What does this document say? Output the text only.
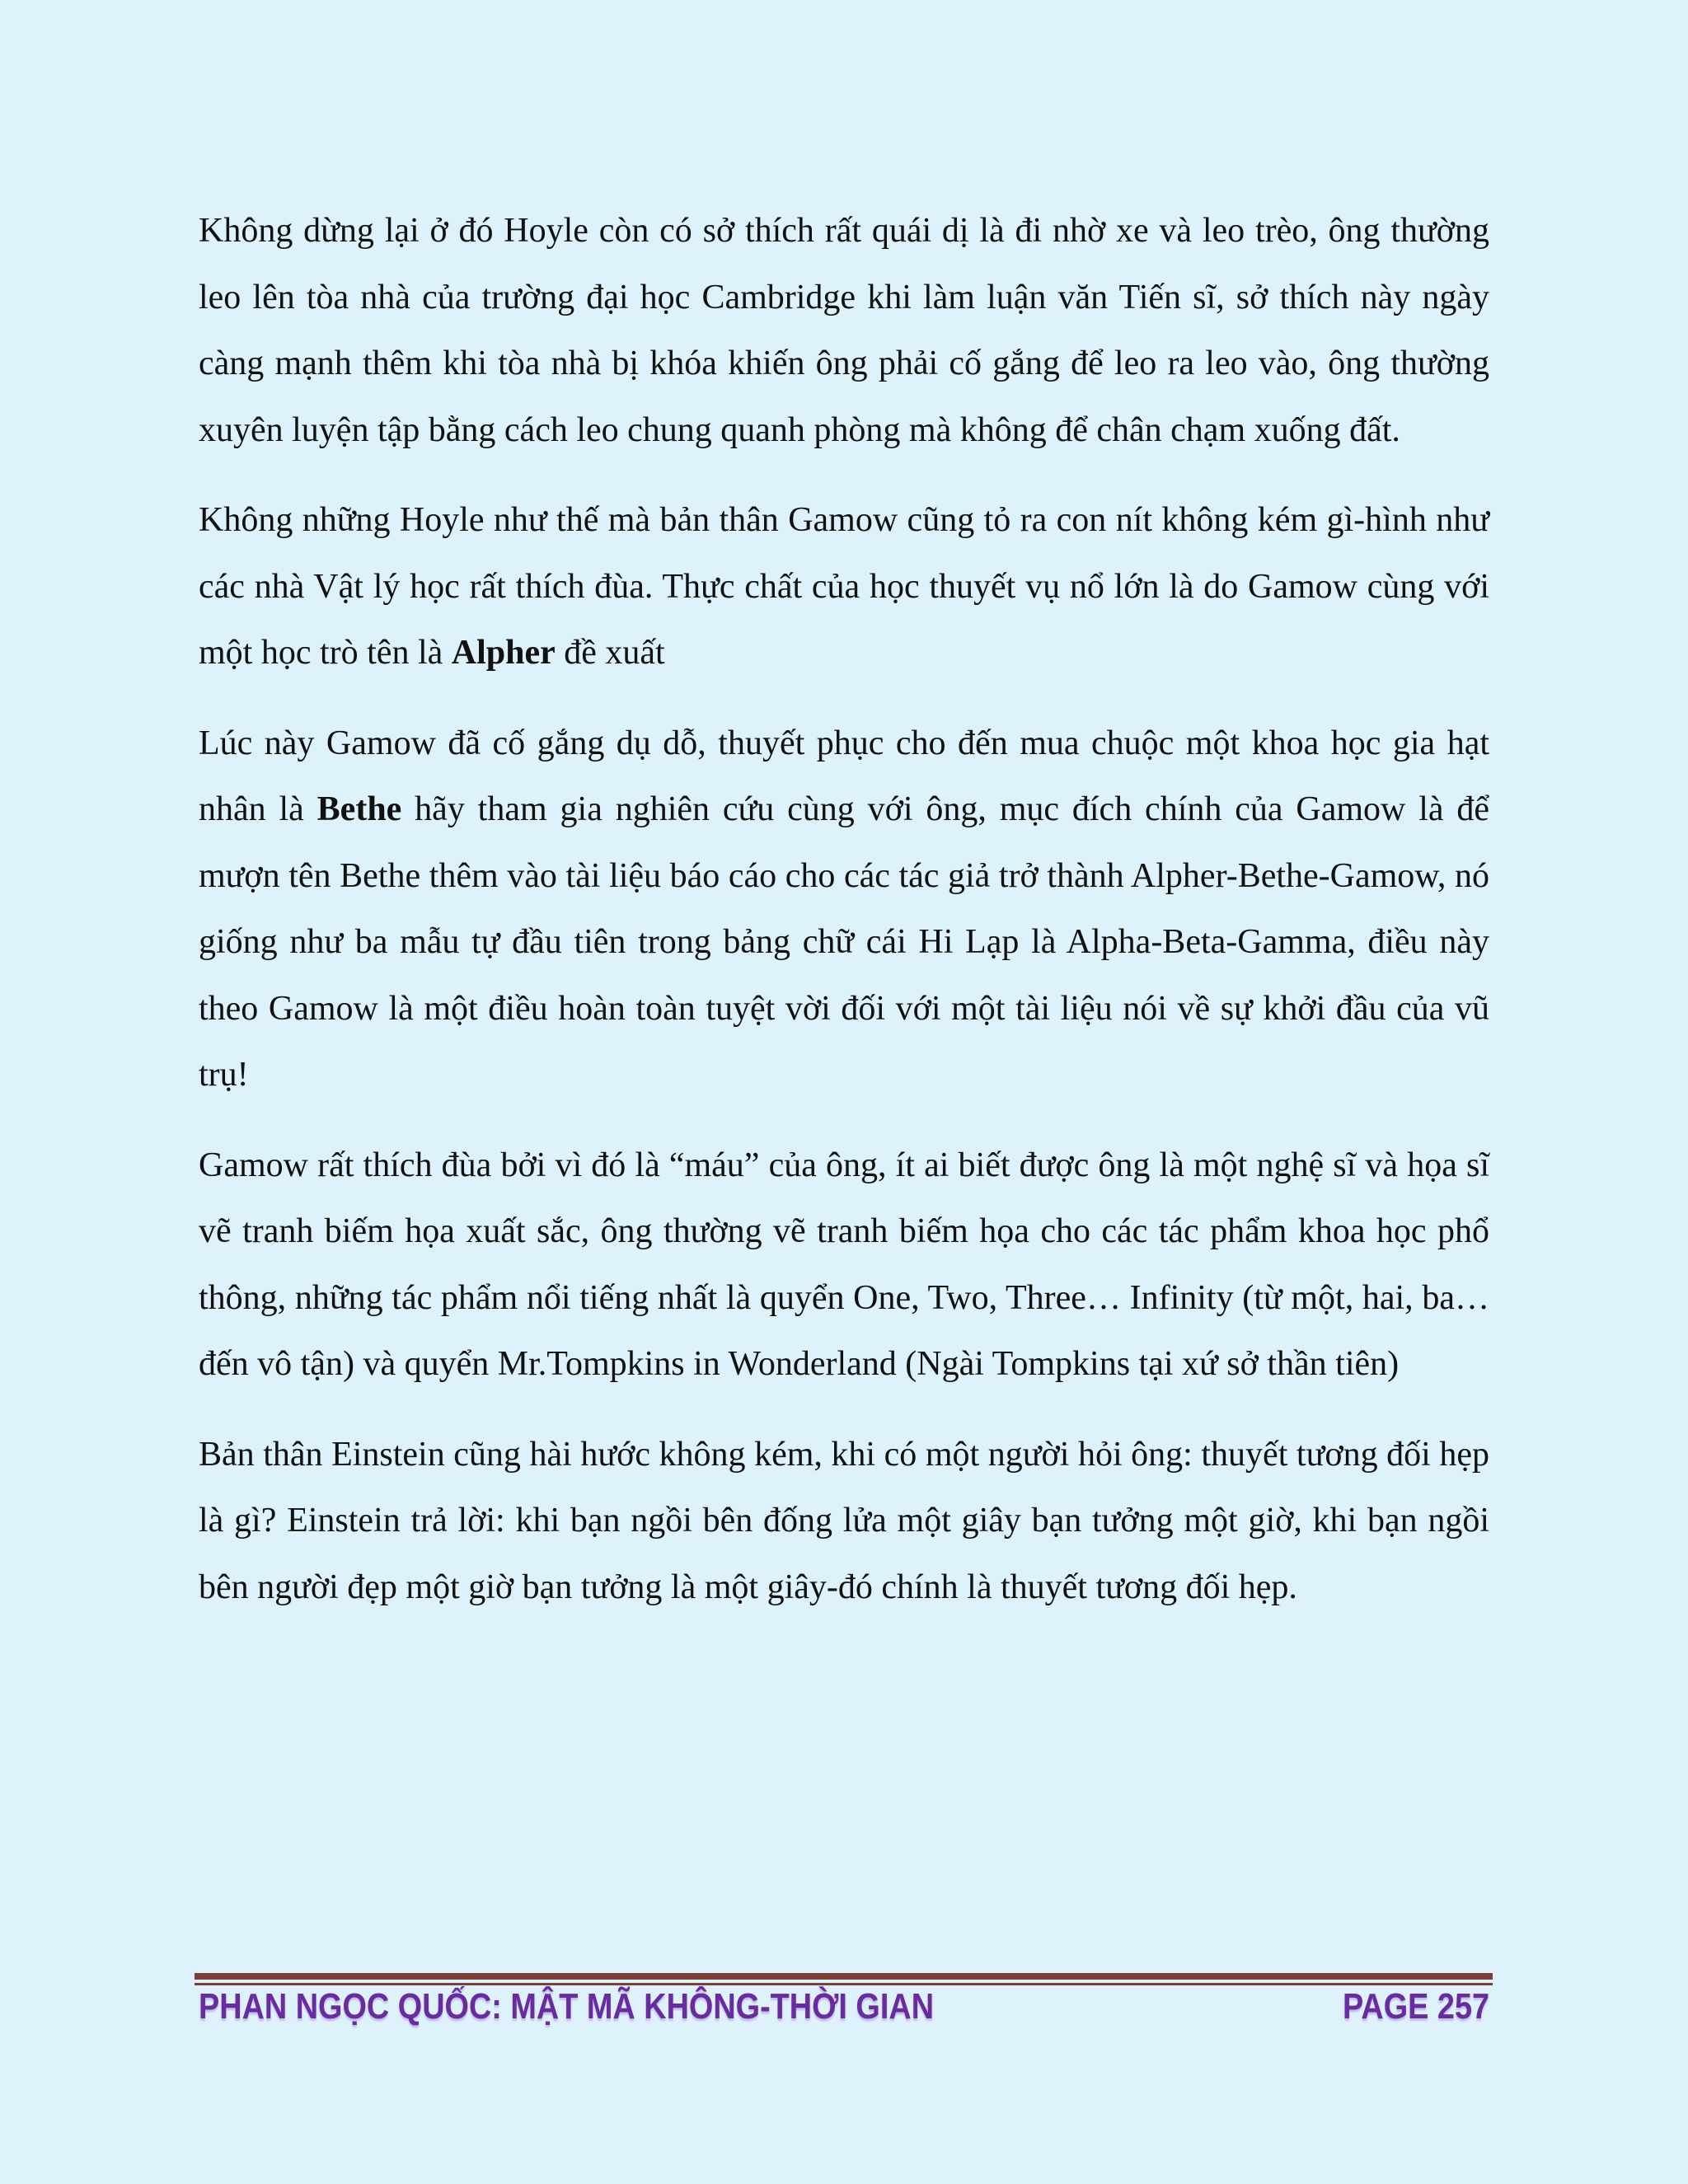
Không dừng lại ở đó Hoyle còn có sở thích rất quái dị là đi nhờ xe và leo trèo, ông thường leo lên tòa nhà của trường đại học Cambridge khi làm luận văn Tiến sĩ, sở thích này ngày càng mạnh thêm khi tòa nhà bị khóa khiến ông phải cố gắng để leo ra leo vào, ông thường xuyên luyện tập bằng cách leo chung quanh phòng mà không để chân chạm xuống đất.

Không những Hoyle như thế mà bản thân Gamow cũng tỏ ra con nít không kém gì-hình như các nhà Vật lý học rất thích đùa. Thực chất của học thuyết vụ nổ lớn là do Gamow cùng với một học trò tên là Alpher đề xuất

Lúc này Gamow đã cố gắng dụ dỗ, thuyết phục cho đến mua chuộc một khoa học gia hạt nhân là Bethe hãy tham gia nghiên cứu cùng với ông, mục đích chính của Gamow là để mượn tên Bethe thêm vào tài liệu báo cáo cho các tác giả trở thành Alpher-Bethe-Gamow, nó giống như ba mẫu tự đầu tiên trong bảng chữ cái Hi Lạp là Alpha-Beta-Gamma, điều này theo Gamow là một điều hoàn toàn tuyệt vời đối với một tài liệu nói về sự khởi đầu của vũ trụ!

Gamow rất thích đùa bởi vì đó là “máu” của ông, ít ai biết được ông là một nghệ sĩ và họa sĩ vẽ tranh biếm họa xuất sắc, ông thường vẽ tranh biếm họa cho các tác phẩm khoa học phổ thông, những tác phẩm nổi tiếng nhất là quyển One, Two, Three… Infinity (từ một, hai, ba…đến vô tận) và quyển Mr.Tompkins in Wonderland (Ngài Tompkins tại xứ sở thần tiên)

Bản thân Einstein cũng hài hước không kém, khi có một người hỏi ông: thuyết tương đối hẹp là gì? Einstein trả lời: khi bạn ngồi bên đống lửa một giây bạn tưởng một giờ, khi bạn ngồi bên người đẹp một giờ bạn tưởng là một giây-đó chính là thuyết tương đối hẹp.

PHAN NGỌC QUỐC: MẬT MÃ KHÔNG-THỜI GIAN	PAGE 257
